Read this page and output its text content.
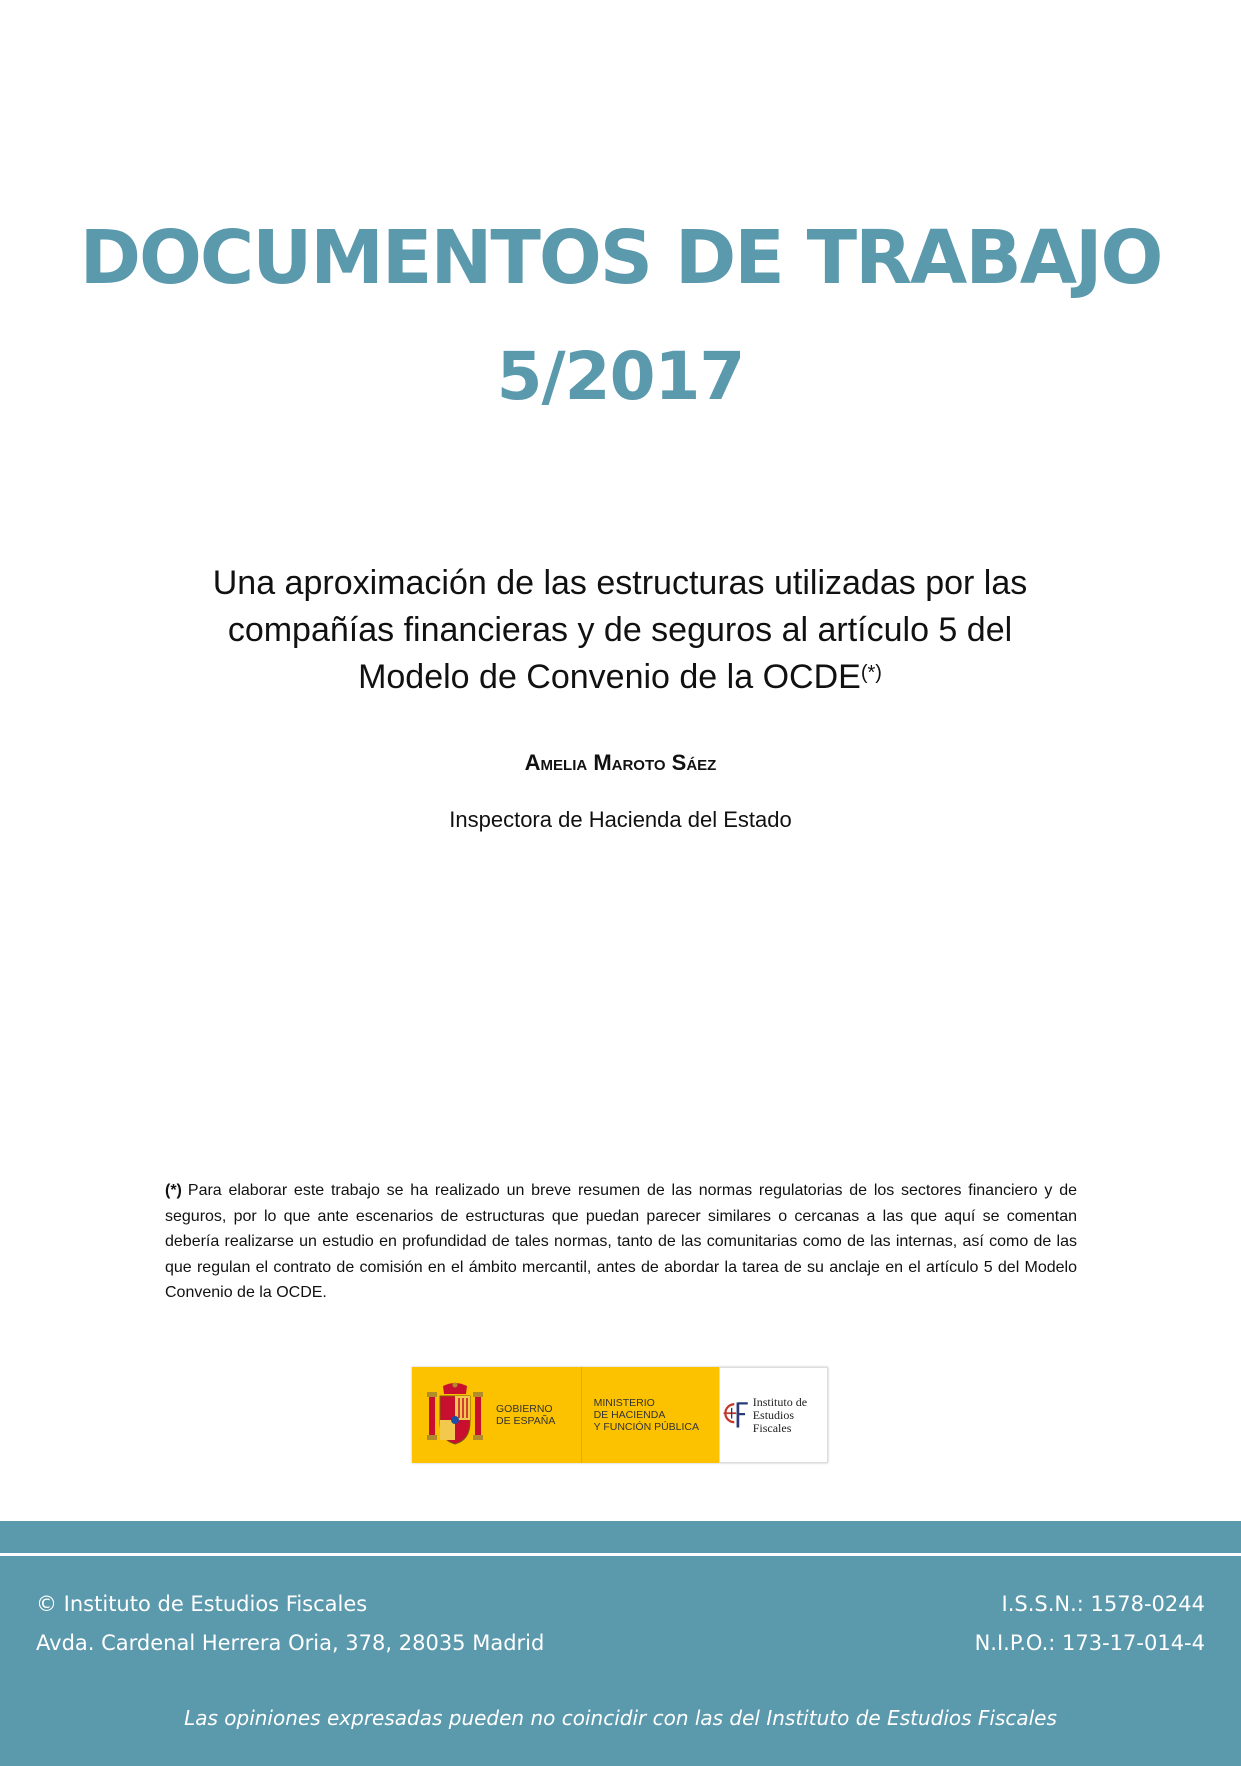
DOCUMENTOS DE TRABAJO
5/2017
Una aproximación de las estructuras utilizadas por las compañías financieras y de seguros al artículo 5 del Modelo de Convenio de la OCDE(*)
Amelia Maroto Sáez
Inspectora de Hacienda del Estado
(*) Para elaborar este trabajo se ha realizado un breve resumen de las normas regulatorias de los sectores financiero y de seguros, por lo que ante escenarios de estructuras que puedan parecer similares o cercanas a las que aquí se comentan debería realizarse un estudio en profundidad de tales normas, tanto de las comunitarias como de las internas, así como de las que regulan el contrato de comisión en el ámbito mercantil, antes de abordar la tarea de su anclaje en el artículo 5 del Modelo Convenio de la OCDE.
GOBIERNO
DE ESPAÑA
MINISTERIO
DE HACIENDA
Y FUNCIÓN PÚBLICA
Instituto de
Estudios Fiscales
© Instituto de Estudios Fiscales
Avda. Cardenal Herrera Oria, 378, 28035 Madrid
I.S.S.N.: 1578-0244
N.I.P.O.: 173-17-014-4
Las opiniones expresadas pueden no coincidir con las del Instituto de Estudios Fiscales
